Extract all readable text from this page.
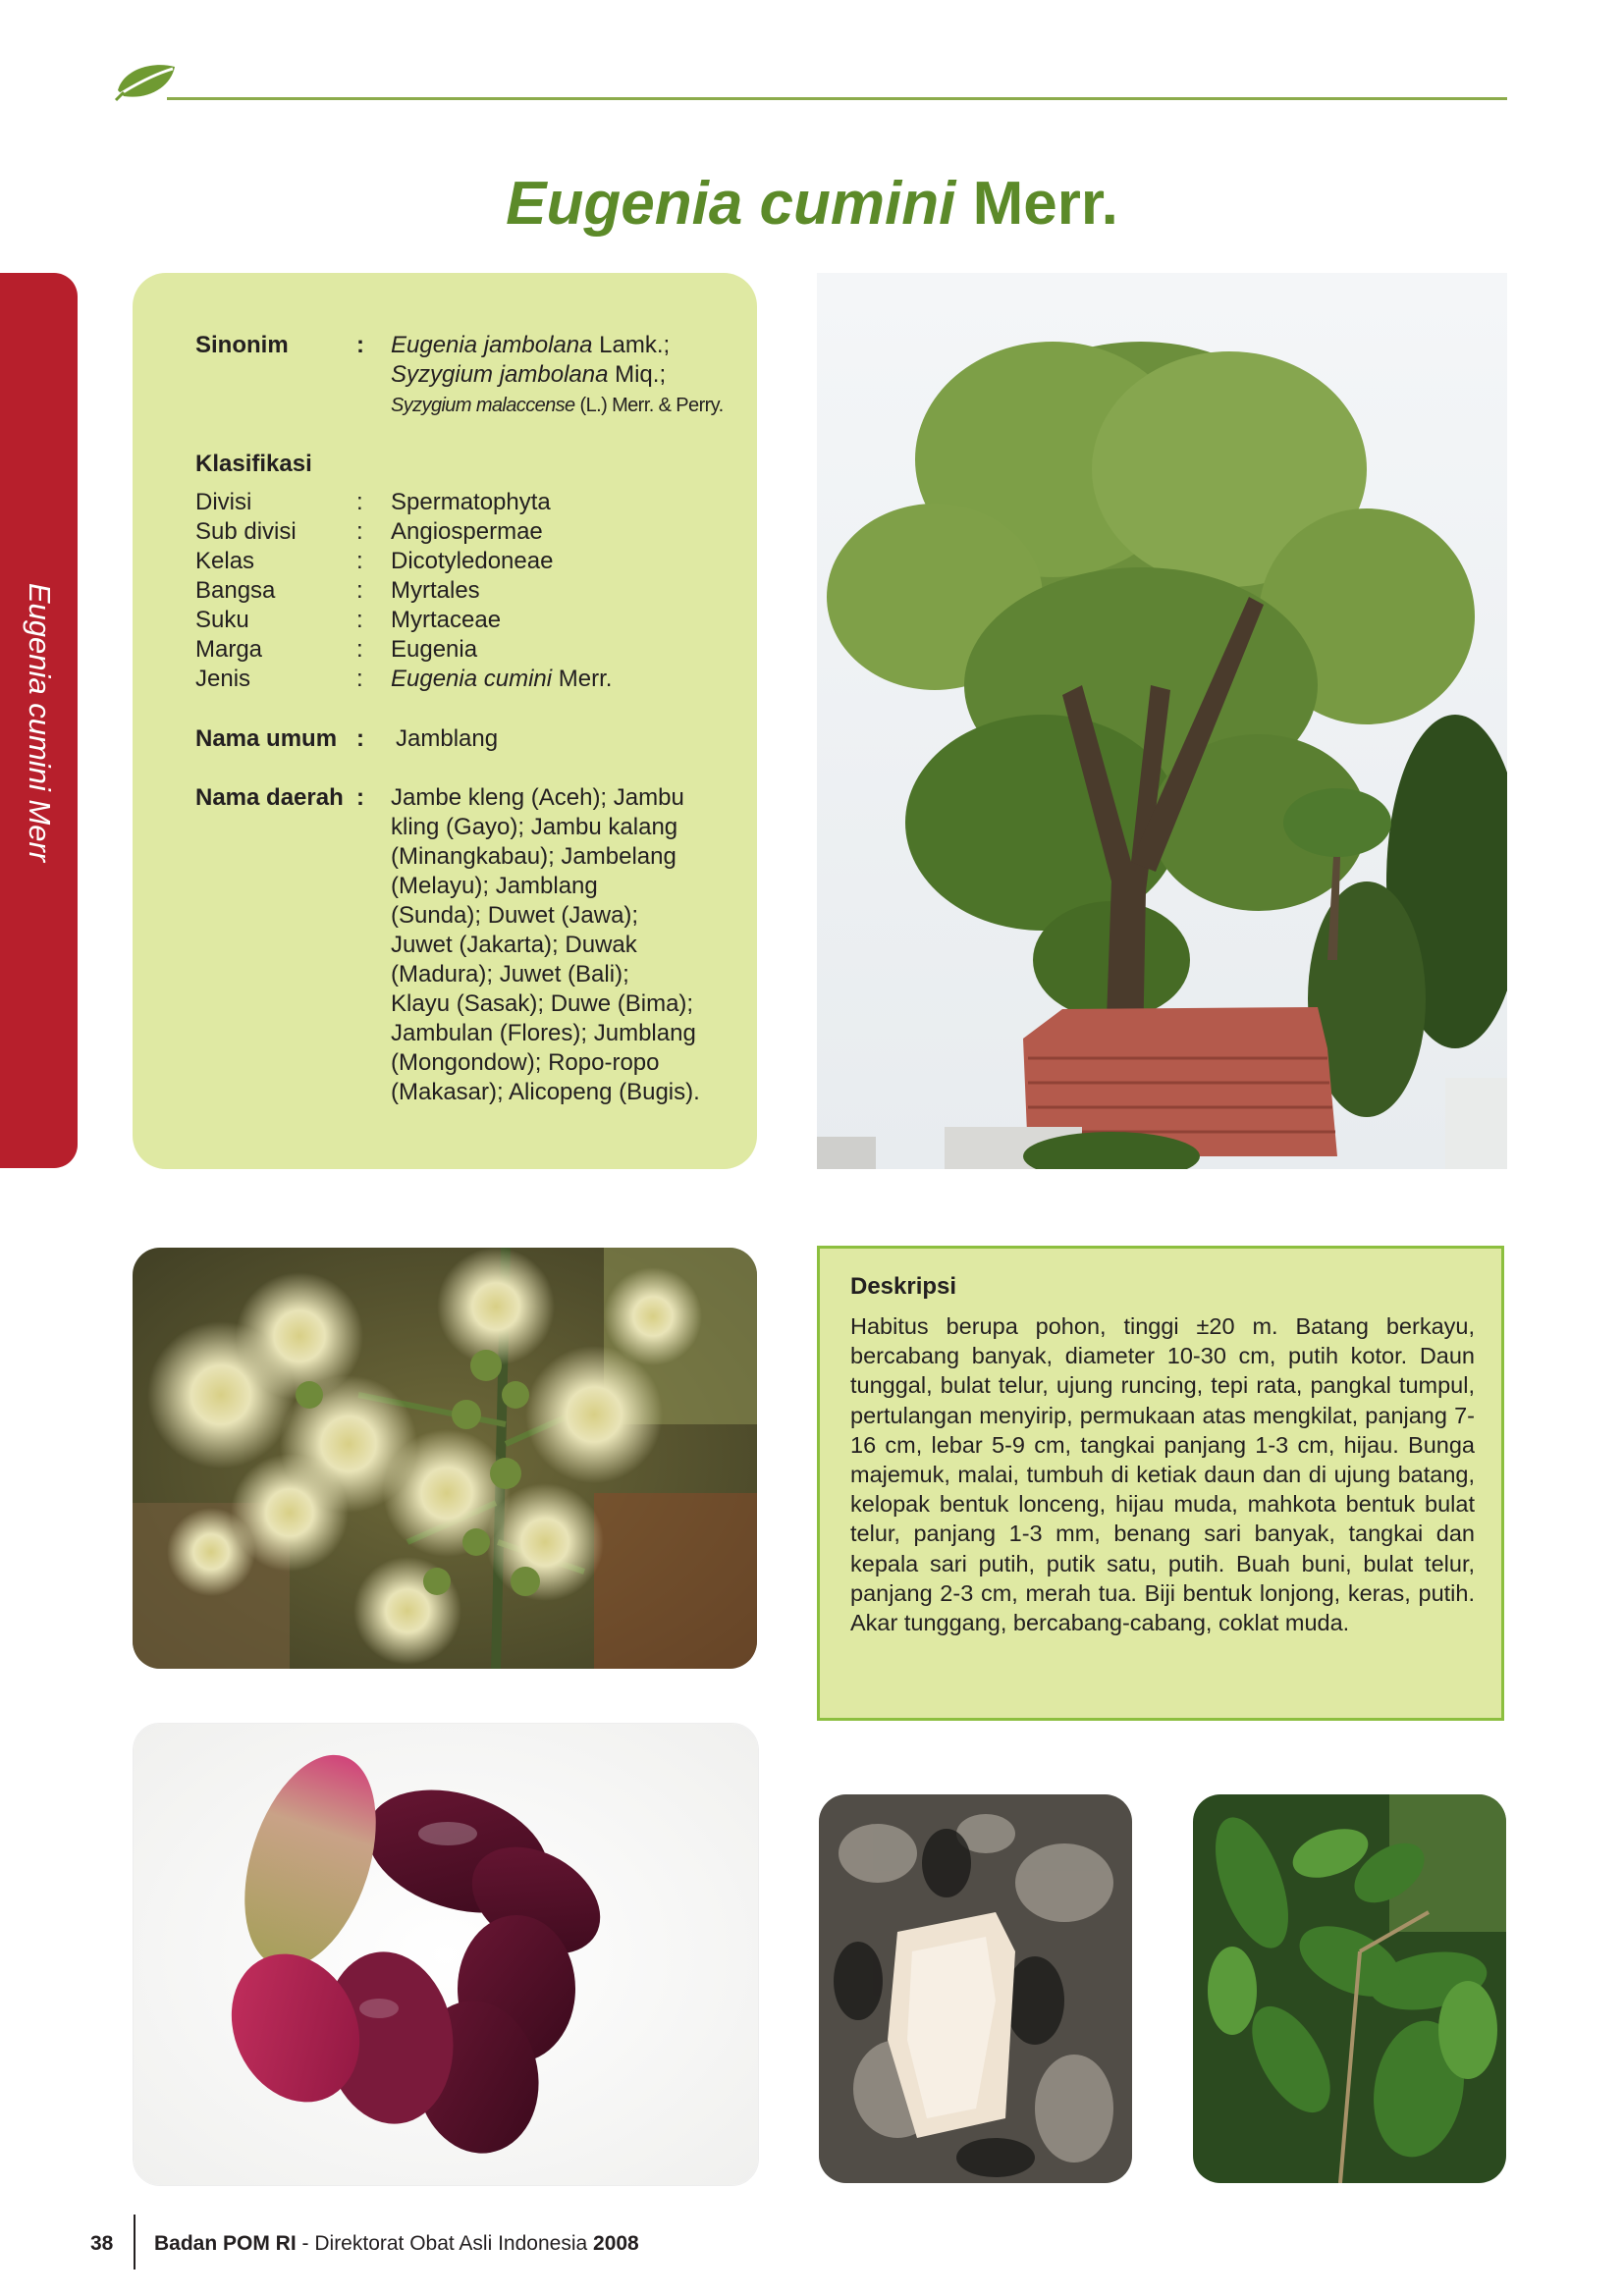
Eugenia cumini Merr.
Eugenia cumini Merr
Sinonim	: Eugenia jambolana Lamk.;
Syzygium jambolana Miq.;
Syzygium malaccense (L.) Merr. & Perry.
Klasifikasi
Divisi	: Spermatophyta
Sub divisi	: Angiospermae
Kelas	: Dicotyledoneae
Bangsa	: Myrtales
Suku	: Myrtaceae
Marga	: Eugenia
Jenis	: Eugenia cumini Merr.
Nama umum : Jamblang
Nama daerah : Jambe kleng (Aceh); Jambu
kling (Gayo); Jambu kalang
(Minangkabau); Jambelang
(Melayu); Jamblang
(Sunda); Duwet (Jawa);
Juwet (Jakarta); Duwak
(Madura); Juwet (Bali);
Klayu (Sasak); Duwe (Bima);
Jambulan (Flores); Jumblang
(Mongondow); Ropo-ropo
(Makasar); Alicopeng (Bugis).
Deskripsi
Habitus berupa pohon, tinggi ±20 m. Batang berkayu, bercabang banyak, diameter 10-30 cm, putih kotor. Daun tunggal, bulat telur, ujung runcing, tepi rata, pangkal tumpul, pertulangan menyirip, permukaan atas mengkilat, panjang 7-16 cm, lebar 5-9 cm, tangkai panjang 1-3 cm, hijau. Bunga majemuk, malai, tumbuh di ketiak daun dan di ujung batang, kelopak bentuk lonceng, hijau muda, mahkota bentuk bulat telur, panjang 1-3 mm, benang sari banyak, tangkai dan kepala sari putih, putik satu, putih. Buah buni, bulat telur, panjang 2-3 cm, merah tua. Biji bentuk lonjong, keras, putih. Akar tunggang, bercabang-cabang, coklat muda.
38 Badan POM RI - Direktorat Obat Asli Indonesia 2008
